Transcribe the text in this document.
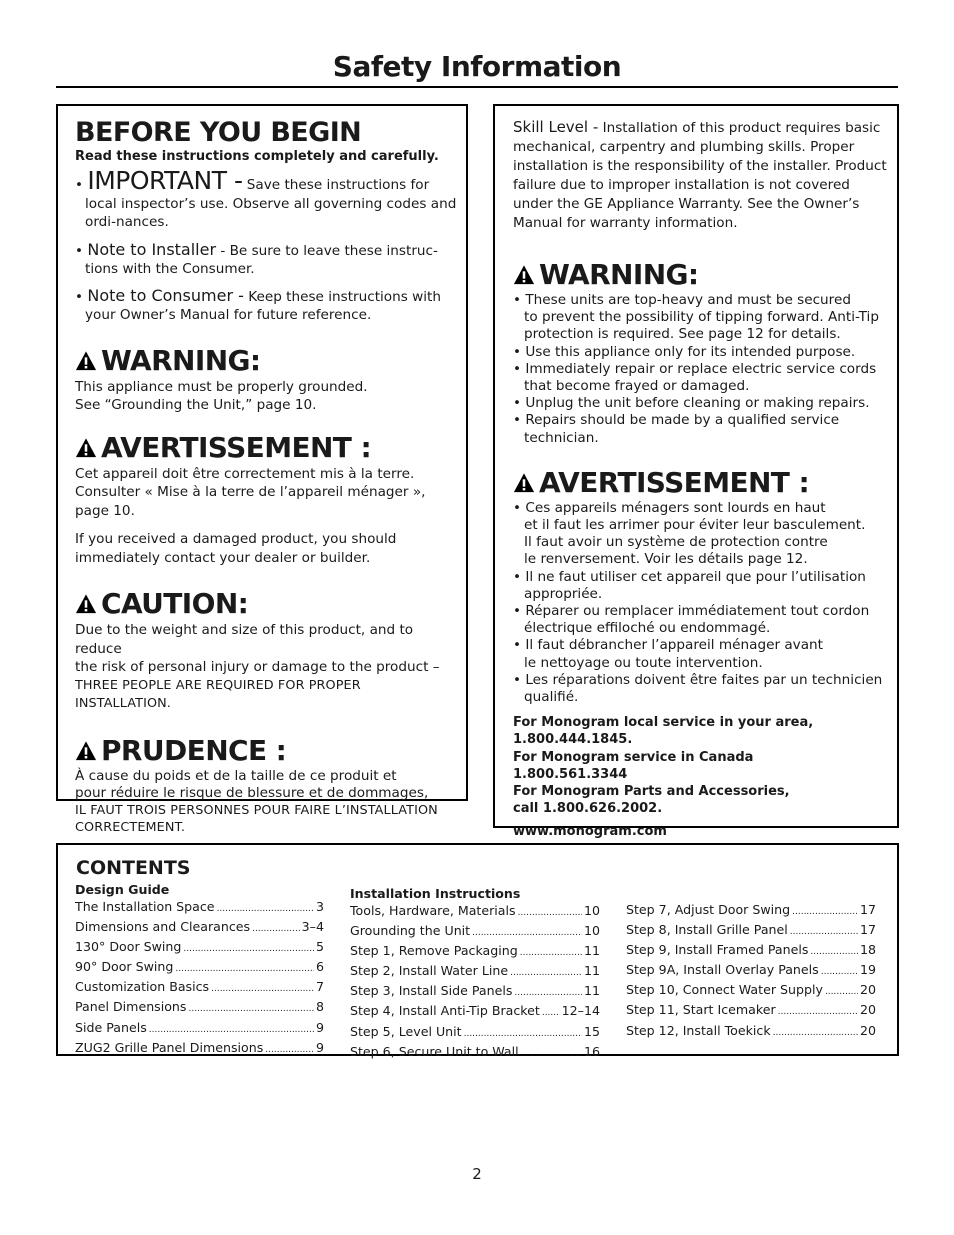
Safety Information
BEFORE YOU BEGIN

Read these instructions completely and carefully.

• IMPORTANT - Save these instructions for local inspector’s use. Observe all governing codes and ordi-nances.

• Note to Installer - Be sure to leave these instruc-tions with the Consumer.

• Note to Consumer - Keep these instructions with your Owner’s Manual for future reference.

WARNING:
This appliance must be properly grounded.
See “Grounding the Unit,” page 10.
AVERTISSEMENT :
Cet appareil doit être correctement mis à la terre.
Consulter « Mise à la terre de l’appareil ménager »,
page 10.
If you received a damaged product, you should
immediately contact your dealer or builder.
CAUTION:
Due to the weight and size of this product, and to reduce
the risk of personal injury or damage to the product –
THREE PEOPLE ARE REQUIRED FOR PROPER INSTALLATION.
PRUDENCE :
À cause du poids et de la taille de ce produit et
pour réduire le risque de blessure et de dommages,
IL FAUT TROIS PERSONNES POUR FAIRE L’INSTALLATION
CORRECTEMENT.

Skill Level - Installation of this product requires basic mechanical, carpentry and plumbing skills. Proper installation is the responsibility of the installer. Product failure due to improper installation is not covered under the GE Appliance Warranty. See the Owner’s Manual for warranty information.

WARNING:
• These units are top-heavy and must be secured
to prevent the possibility of tipping forward. Anti-Tip
protection is required. See page 12 for details.
• Use this appliance only for its intended purpose.
• Immediately repair or replace electric service cords
that become frayed or damaged.
• Unplug the unit before cleaning or making repairs.
• Repairs should be made by a qualified service
technician.
AVERTISSEMENT :
• Ces appareils ménagers sont lourds en haut
et il faut les arrimer pour éviter leur basculement.
Il faut avoir un système de protection contre
le renversement. Voir les détails page 12.
• Il ne faut utiliser cet appareil que pour l’utilisation
appropriée.
• Réparer ou remplacer immédiatement tout cordon
électrique effiloché ou endommagé.
• Il faut débrancher l’appareil ménager avant
le nettoyage ou toute intervention.
• Les réparations doivent être faites par un technicien
qualifié.

For Monogram local service in your area,

1.800.444.1845.

For Monogram service in Canada

1.800.561.3344

For Monogram Parts and Accessories,

call 1.800.626.2002.

www.monogram.com

CONTENTS
Design Guide
The Installation Space .....	3
Dimensions and Clearances .....	3–4
130° Door Swing .....	5
90° Door Swing .....	6
Customization Basics .....	7
Panel Dimensions .....	8
Side Panels .....	9
ZUG2 Grille Panel Dimensions .....	9
Installation Instructions
Tools, Hardware, Materials .....	10
Grounding the Unit .....	10
Step 1, Remove Packaging .....	11
Step 2, Install Water Line .....	11
Step 3, Install Side Panels .....	11
Step 4, Install Anti-Tip Bracket ..... 12–14
Step 5, Level Unit .....	15
Step 6, Secure Unit to Wall .....	16
Step 7, Adjust Door Swing .....	17
Step 8, Install Grille Panel .....	17
Step 9, Install Framed Panels .....	18
Step 9A, Install Overlay Panels .....	19
Step 10, Connect Water Supply .....	20
Step 11, Start Icemaker .....	20
Step 12, Install Toekick .....	20
2
